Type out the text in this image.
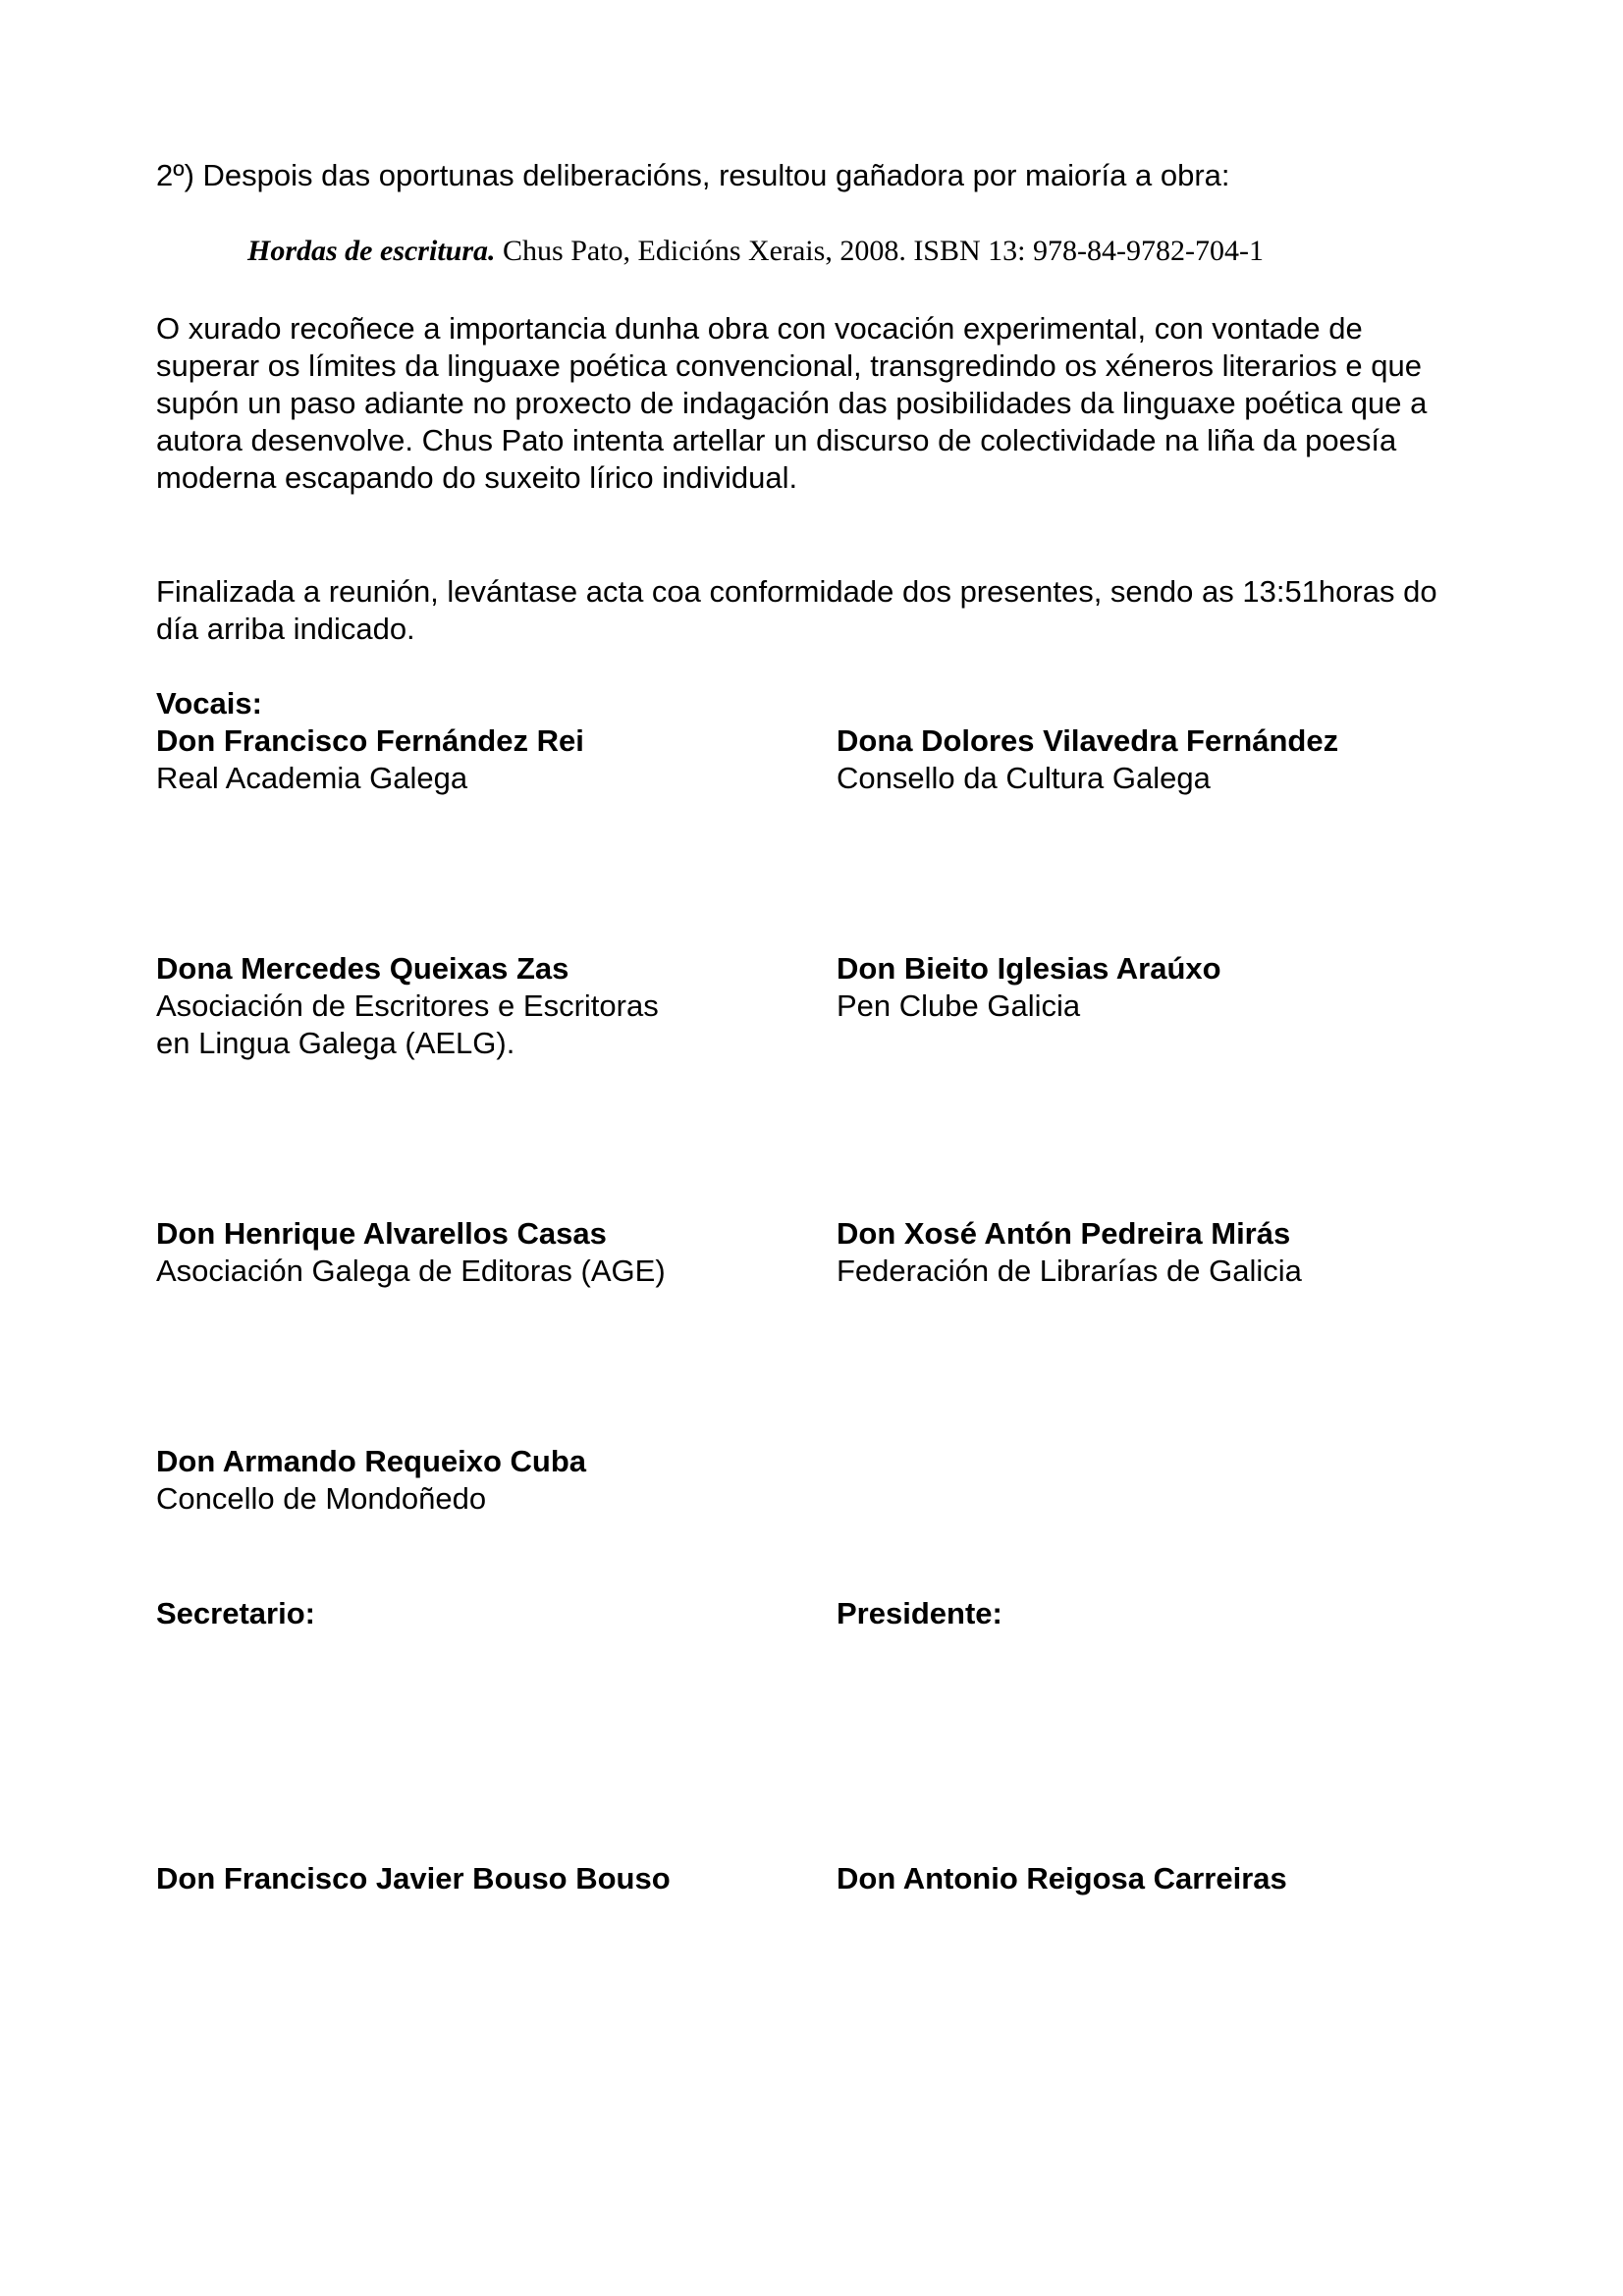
2º) Despois das oportunas deliberacións, resultou gañadora por maioría a obra:

Hordas de escritura. Chus Pato, Edicións Xerais, 2008. ISBN 13: 978-84-9782-704-1

O xurado recoñece a importancia dunha obra con vocación experimental, con vontade de superar os límites da linguaxe poética convencional, transgredindo os xéneros literarios e que supón un paso adiante no proxecto de indagación das posibilidades da linguaxe poética que a autora desenvolve. Chus Pato intenta artellar un discurso de colectividade na liña da poesía moderna escapando do suxeito lírico individual.

Finalizada a reunión, levántase acta coa conformidade dos presentes, sendo as 13:51horas do día arriba indicado.

Vocais:
Don Francisco Fernández Rei
Real Academia Galega
Dona Dolores Vilavedra Fernández
Consello da Cultura Galega
Dona Mercedes Queixas Zas
Asociación de Escritores e Escritoras
en Lingua Galega (AELG).
Don Bieito Iglesias Araúxo
Pen Clube Galicia
Don Henrique Alvarellos Casas
Asociación Galega de Editoras (AGE)
Don Xosé Antón Pedreira Mirás
Federación de Librarías de Galicia
Don Armando Requeixo Cuba
Concello de Mondoñedo
Secretario:	Presidente:
Don Francisco Javier Bouso Bouso	Don Antonio Reigosa Carreiras
